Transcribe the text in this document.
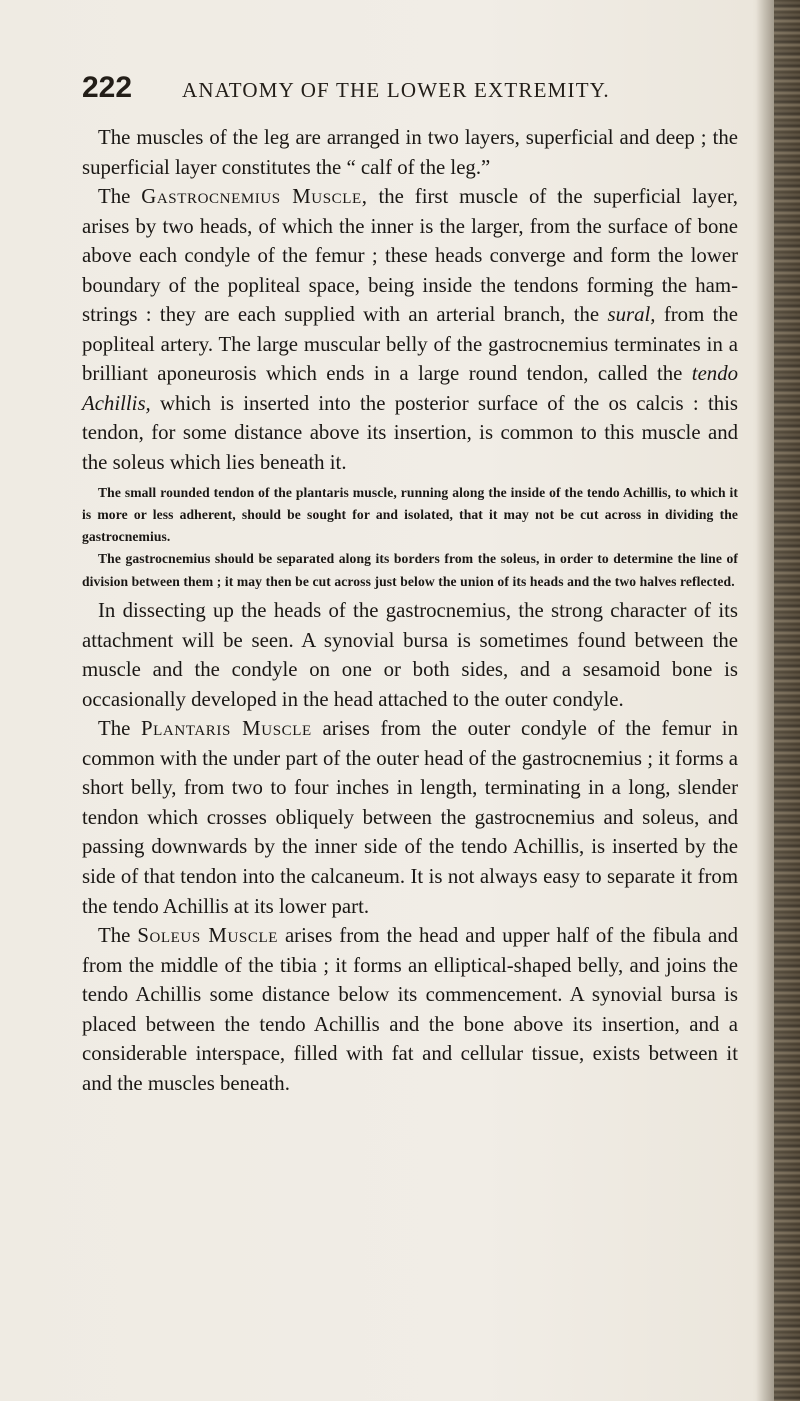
222 ANATOMY OF THE LOWER EXTREMITY.

The muscles of the leg are arranged in two layers, superficial and deep ; the superficial layer constitutes the “ calf of the leg.”

The Gastrocnemius Muscle, the first muscle of the superficial layer, arises by two heads, of which the inner is the larger, from the surface of bone above each condyle of the femur ; these heads converge and form the lower boundary of the popliteal space, being inside the tendons forming the ham-strings : they are each supplied with an arterial branch, the sural, from the popliteal artery. The large muscular belly of the gastrocnemius terminates in a brilliant aponeurosis which ends in a large round tendon, called the tendo Achillis, which is inserted into the posterior surface of the os calcis : this tendon, for some distance above its insertion, is common to this muscle and the soleus which lies beneath it.

The small rounded tendon of the plantaris muscle, running along the inside of the tendo Achillis, to which it is more or less adherent, should be sought for and isolated, that it may not be cut across in dividing the gastrocnemius.

The gastrocnemius should be separated along its borders from the soleus, in order to determine the line of division between them ; it may then be cut across just below the union of its heads and the two halves reflected.

In dissecting up the heads of the gastrocnemius, the strong character of its attachment will be seen. A synovial bursa is sometimes found between the muscle and the condyle on one or both sides, and a sesamoid bone is occasionally developed in the head attached to the outer condyle.

The Plantaris Muscle arises from the outer condyle of the femur in common with the under part of the outer head of the gastrocnemius ; it forms a short belly, from two to four inches in length, terminating in a long, slender tendon which crosses obliquely between the gastrocnemius and soleus, and passing downwards by the inner side of the tendo Achillis, is inserted by the side of that tendon into the calcaneum. It is not always easy to separate it from the tendo Achillis at its lower part.

The Soleus Muscle arises from the head and upper half of the fibula and from the middle of the tibia ; it forms an elliptical-shaped belly, and joins the tendo Achillis some distance below its commencement. A synovial bursa is placed between the tendo Achillis and the bone above its insertion, and a considerable interspace, filled with fat and cellular tissue, exists between it and the muscles beneath.
